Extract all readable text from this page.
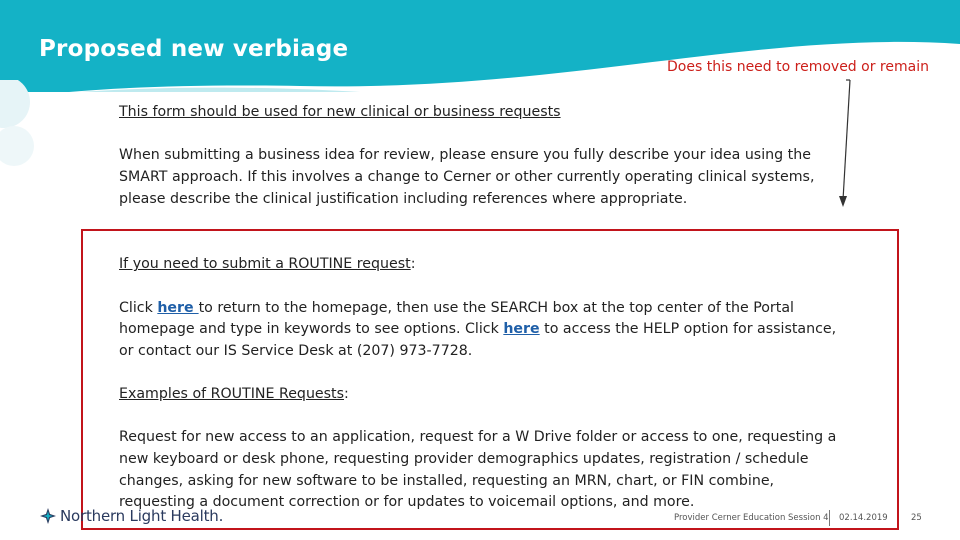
Proposed new verbiage
Does this need to removed or remain

This form should be used for new clinical or business requests

When submitting a business idea for review, please ensure you fully describe your idea using the SMART approach. If this involves a change to Cerner or other currently operating clinical systems, please describe the clinical justification including references where appropriate.

If you need to submit a ROUTINE request:

Click here to return to the homepage, then use the SEARCH box at the top center of the Portal homepage and type in keywords to see options. Click here to access the HELP option for assistance, or contact our IS Service Desk at (207) 973-7728.

Examples of ROUTINE Requests:

Request for new access to an application, request for a W Drive folder or access to one, requesting a new keyboard or desk phone, requesting provider demographics updates, registration / schedule changes, asking for new software to be installed, requesting an MRN, chart, or FIN combine, requesting a document correction or for updates to voicemail options, and more.

Northern Light Health.	Provider Cerner Education Session 4 02.14.2019	25
